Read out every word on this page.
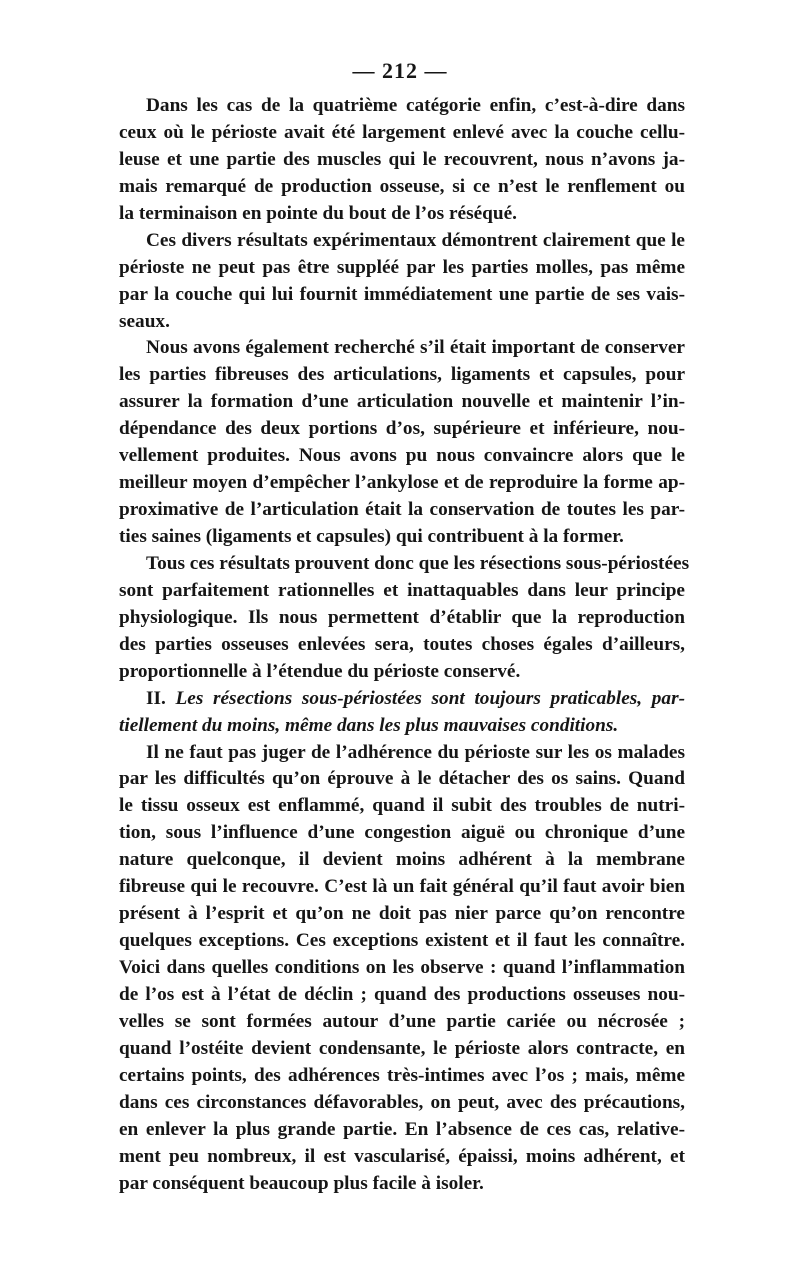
— 212 —
Dans les cas de la quatrième catégorie enfin, c’est-à-dire dans
ceux où le périoste avait été largement enlevé avec la couche cellu-
leuse et une partie des muscles qui le recouvrent, nous n’avons ja-
mais remarqué de production osseuse, si ce n’est le renflement ou
la terminaison en pointe du bout de l’os réséqué.
Ces divers résultats expérimentaux démontrent clairement que le
périoste ne peut pas être suppléé par les parties molles, pas même
par la couche qui lui fournit immédiatement une partie de ses vais-
seaux.
Nous avons également recherché s’il était important de conserver
les parties fibreuses des articulations, ligaments et capsules, pour
assurer la formation d’une articulation nouvelle et maintenir l’in-
dépendance des deux portions d’os, supérieure et inférieure, nou-
vellement produites. Nous avons pu nous convaincre alors que le
meilleur moyen d’empêcher l’ankylose et de reproduire la forme ap-
proximative de l’articulation était la conservation de toutes les par-
ties saines (ligaments et capsules) qui contribuent à la former.
Tous ces résultats prouvent donc que les résections sous-périostées
sont parfaitement rationnelles et inattaquables dans leur principe
physiologique. Ils nous permettent d’établir que la reproduction
des parties osseuses enlevées sera, toutes choses égales d’ailleurs,
proportionnelle à l’étendue du périoste conservé.
II. Les résections sous-périostées sont toujours praticables, par-
tiellement du moins, même dans les plus mauvaises conditions.
Il ne faut pas juger de l’adhérence du périoste sur les os malades
par les difficultés qu’on éprouve à le détacher des os sains. Quand
le tissu osseux est enflammé, quand il subit des troubles de nutri-
tion, sous l’influence d’une congestion aiguë ou chronique d’une
nature quelconque, il devient moins adhérent à la membrane
fibreuse qui le recouvre. C’est là un fait général qu’il faut avoir bien
présent à l’esprit et qu’on ne doit pas nier parce qu’on rencontre
quelques exceptions. Ces exceptions existent et il faut les connaître.
Voici dans quelles conditions on les observe : quand l’inflammation
de l’os est à l’état de déclin ; quand des productions osseuses nou-
velles se sont formées autour d’une partie cariée ou nécrosée ;
quand l’ostéite devient condensante, le périoste alors contracte, en
certains points, des adhérences très-intimes avec l’os ; mais, même
dans ces circonstances défavorables, on peut, avec des précautions,
en enlever la plus grande partie. En l’absence de ces cas, relative-
ment peu nombreux, il est vascularisé, épaissi, moins adhérent, et
par conséquent beaucoup plus facile à isoler.
